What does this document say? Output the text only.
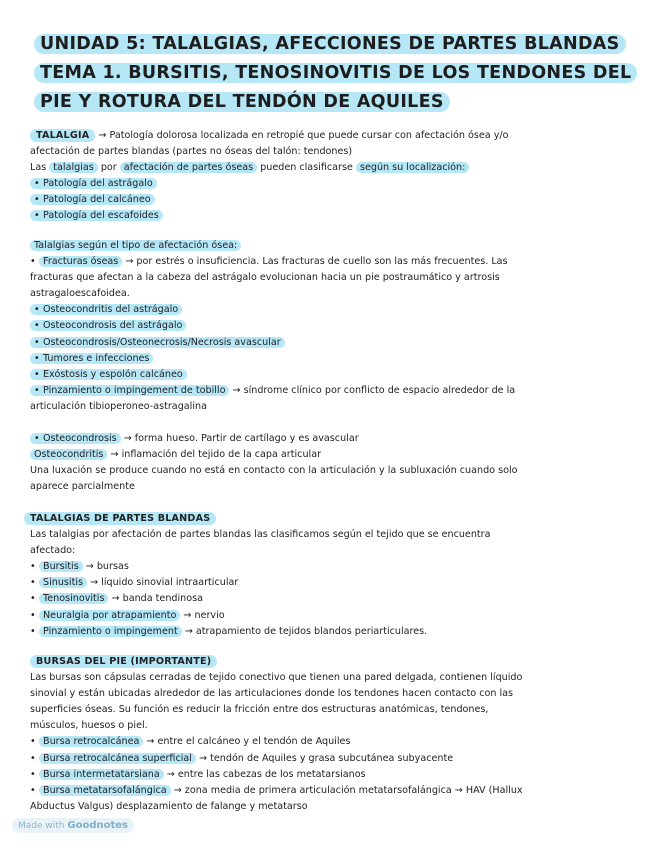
UNIDAD 5: TALALGIAS, AFECCIONES DE PARTES BLANDAS
TEMA 1. BURSITIS, TENOSINOVITIS DE LOS TENDONES DEL
PIE Y ROTURA DEL TENDÓN DE AQUILES
TALALGIA → Patología dolorosa localizada en retropié que puede cursar con afectación ósea y/o
afectación de partes blandas (partes no óseas del talón: tendones)
Las talalgias por afectación de partes óseas pueden clasificarse según su localización:
• Patología del astrágalo
• Patología del calcáneo
• Patología del escafoides
Talalgias según el tipo de afectación ósea:
• Fracturas óseas → por estrés o insuficiencia. Las fracturas de cuello son las más frecuentes. Las
fracturas que afectan a la cabeza del astrágalo evolucionan hacia un pie postraumático y artrosis
astragaloescafoidea.
• Osteocondritis del astrágalo
• Osteocondrosis del astrágalo
• Osteocondrosis/Osteonecrosis/Necrosis avascular
• Tumores e infecciones
• Exóstosis y espolón calcáneo
• Pinzamiento o impingement de tobillo → síndrome clínico por conflicto de espacio alrededor de la
articulación tibioperoneo-astragalina
• Osteocondrosis → forma hueso. Partir de cartílago y es avascular
Osteocondritis → inflamación del tejido de la capa articular
Una luxación se produce cuando no está en contacto con la articulación y la subluxación cuando solo
aparece parcialmente
TALALGIAS DE PARTES BLANDAS
Las talalgias por afectación de partes blandas las clasificamos según el tejido que se encuentra
afectado:
• Bursitis → bursas
• Sinusitis → líquido sinovial intraarticular
• Tenosinovitis → banda tendinosa
• Neuralgia por atrapamiento → nervio
• Pinzamiento o impingement → atrapamiento de tejidos blandos periarticulares.
BURSAS DEL PIE (IMPORTANTE)
Las bursas son cápsulas cerradas de tejido conectivo que tienen una pared delgada, contienen líquido
sinovial y están ubicadas alrededor de las articulaciones donde los tendones hacen contacto con las
superficies óseas. Su función es reducir la fricción entre dos estructuras anatómicas, tendones,
músculos, huesos o piel.
• Bursa retrocalcánea → entre el calcáneo y el tendón de Aquiles
• Bursa retrocalcánea superficial → tendón de Aquiles y grasa subcutánea subyacente
• Bursa intermetatarsiana → entre las cabezas de los metatarsianos
• Bursa metatarsofalángica → zona media de primera articulación metatarsofalángica → HAV (Hallux
Abductus Valgus) desplazamiento de falange y metatarso
Made with Goodnotes
